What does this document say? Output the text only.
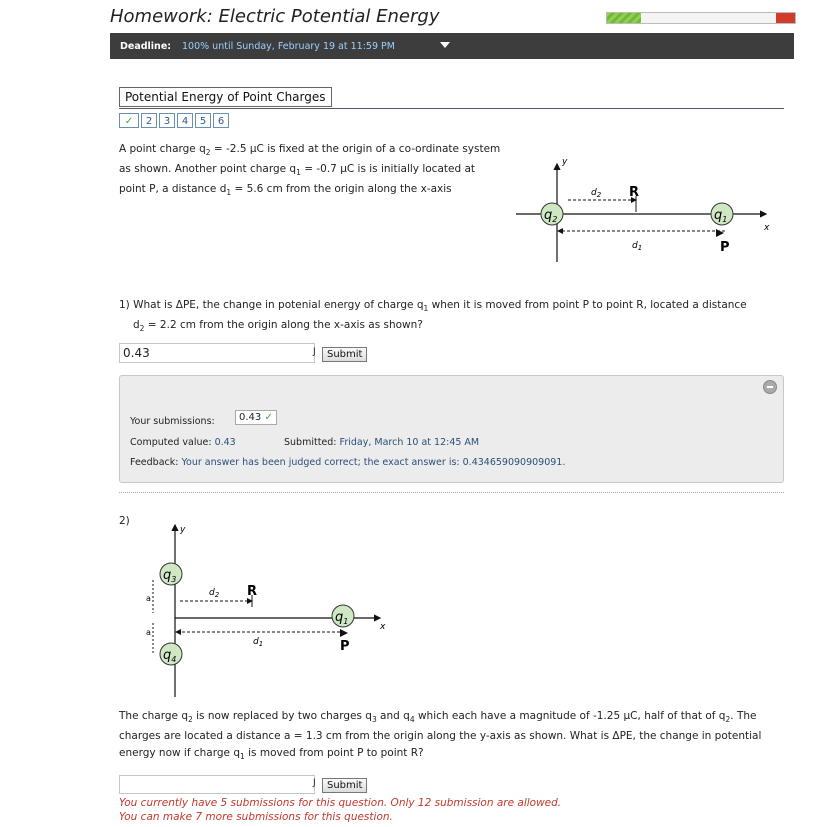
Homework: Electric Potential Energy
Deadline: 100% until Sunday, February 19 at 11:59 PM
Potential Energy of Point Charges
✓	2	3	4	5	6
A point charge $q_2 = -2.5$ μC is fixed at the origin of a co-ordinate system as shown. Another point charge $q_1 = -0.7$ μC is is initially located at point P, a distance $d_1 = 5.6$ cm from the origin along the x-axis
y
x
$d_2$ R
$d_1$	P
$q_2$	$q_1$
1) What is ΔPE, the change in potenial energy of charge $q_1$ when it is moved from point P to point R, located a distance
$d_2 = 2.2$ cm from the origin along the x-axis as shown?
0.43
J	Submit
Your submissions:	0.43 ✓
Computed value: 0.43	Submitted: Friday, March 10 at 12:45 AM
Feedback: Your answer has been judged correct; the exact answer is: 0.434659090909091.
2)
y
x
a
a
$d_2$ R
$d_1$	P
$q_3$
$q_4$
$q_1$
The charge $q_2$ is now replaced by two charges $q_3$ and $q_4$ which each have a magnitude of -1.25 μC, half of that of $q_2$. The charges are located a distance a = 1.3 cm from the origin along the y-axis as shown. What is ΔPE, the change in potential energy now if charge $q_1$ is moved from point P to point R?
J	Submit
You currently have 5 submissions for this question. Only 12 submission are allowed.
You can make 7 more submissions for this question.
